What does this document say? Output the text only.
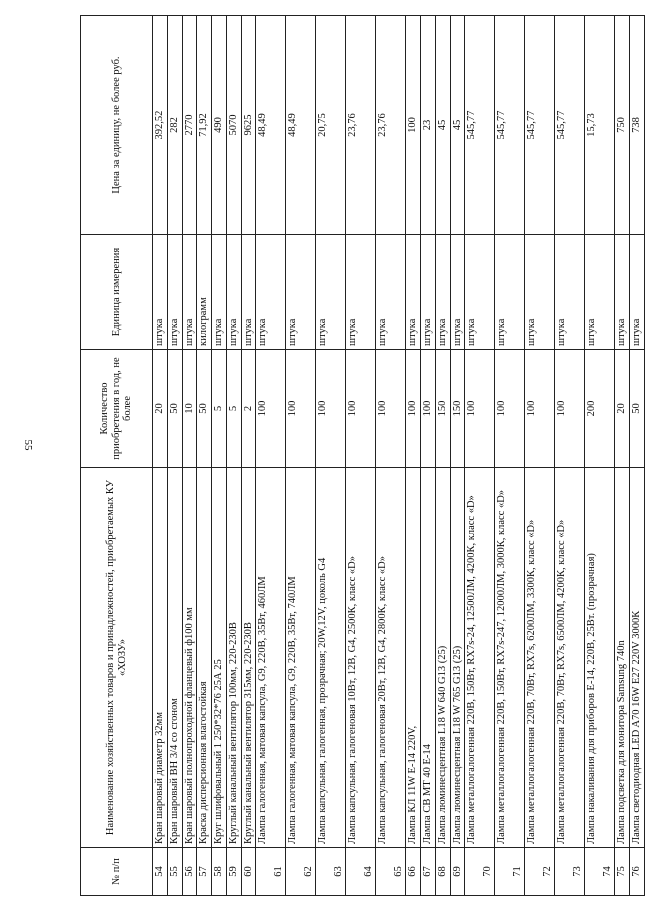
55
№ п/п	Наименование хозяйственных товаров и принадлежностей, приобретаемых КУ «ХОЗУ»	Количество приобретения в год, не более	Единица измерения	Цена за единицу, не более руб.
54	Кран шаровый диаметр 32мм	20	штука	392,52
55	Кран шаровый ВН 3/4 со сгоном	50	штука	282
56	Кран шаровый полнопроходной фланцевый ф100 мм	10	штука	2770
57	Краска дисперсионная влагостойкая	50	килограмм	71,92
58	Круг шлифовальный 1 250*32*76 25А 25	5	штука	490
59	Круглый канальный вентилятор 100мм, 220-230В	5	штука	5070
60	Круглый канальный вентилятор 315мм, 220-230В	2	штука	9625
61	Лампа галогенная, матовая капсула, G9, 220В, 35Вт, 460ЛМ	100	штука	48,49
62	Лампа галогенная, матовая капсула, G9, 220В, 35Вт, 740ЛМ	100	штука	48,49
63	Лампа капсульная, галогенная, прозрачная; 20W,12V, цоколь G4	100	штука	20,75
64	Лампа капсульная, галогеновая 10Вт, 12В, G4, 2500К, класс «D»	100	штука	23,76
65	Лампа капсульная, галогеновая 20Вт, 12В, G4, 2800К, класс «D»	100	штука	23,76
66	Лампа КЛ 11W E-14 220V,	100	штука	100
67	Лампа СВ МТ 40 Е-14	100	штука	23
68	Лампа люминесцентная L18 W 640 G13 (25)	150	штука	45
69	Лампа люминесцентная L18 W 765 G13 (25)	150	штука	45
70	Лампа металлогалогенная 220В, 150Вт, RX7s-24, 12500ЛМ, 4200К, класс «D»	100	штука	545,77
71	Лампа металлогалогенная 220В, 150Вт, RX7s-247, 12000ЛМ, 3000К, класс «D»	100	штука	545,77
72	Лампа металлогалогенная 220В, 70Вт, RX7s, 6200ЛМ, 3300К, класс «D»	100	штука	545,77
73	Лампа металлогалогенная 220В, 70Вт, RX7s, 6500ЛМ, 4200К, класс «D»	100	штука	545,77
74	Лампа накаливания для приборов Е-14, 220В, 25Вт. (прозрачная)	200	штука	15,73
75	Лампа подсветка для монитора Samsung 740n	20	штука	750
76	Лампа светодиодная LED A70 16W E27 220V 3000К	50	штука	738
